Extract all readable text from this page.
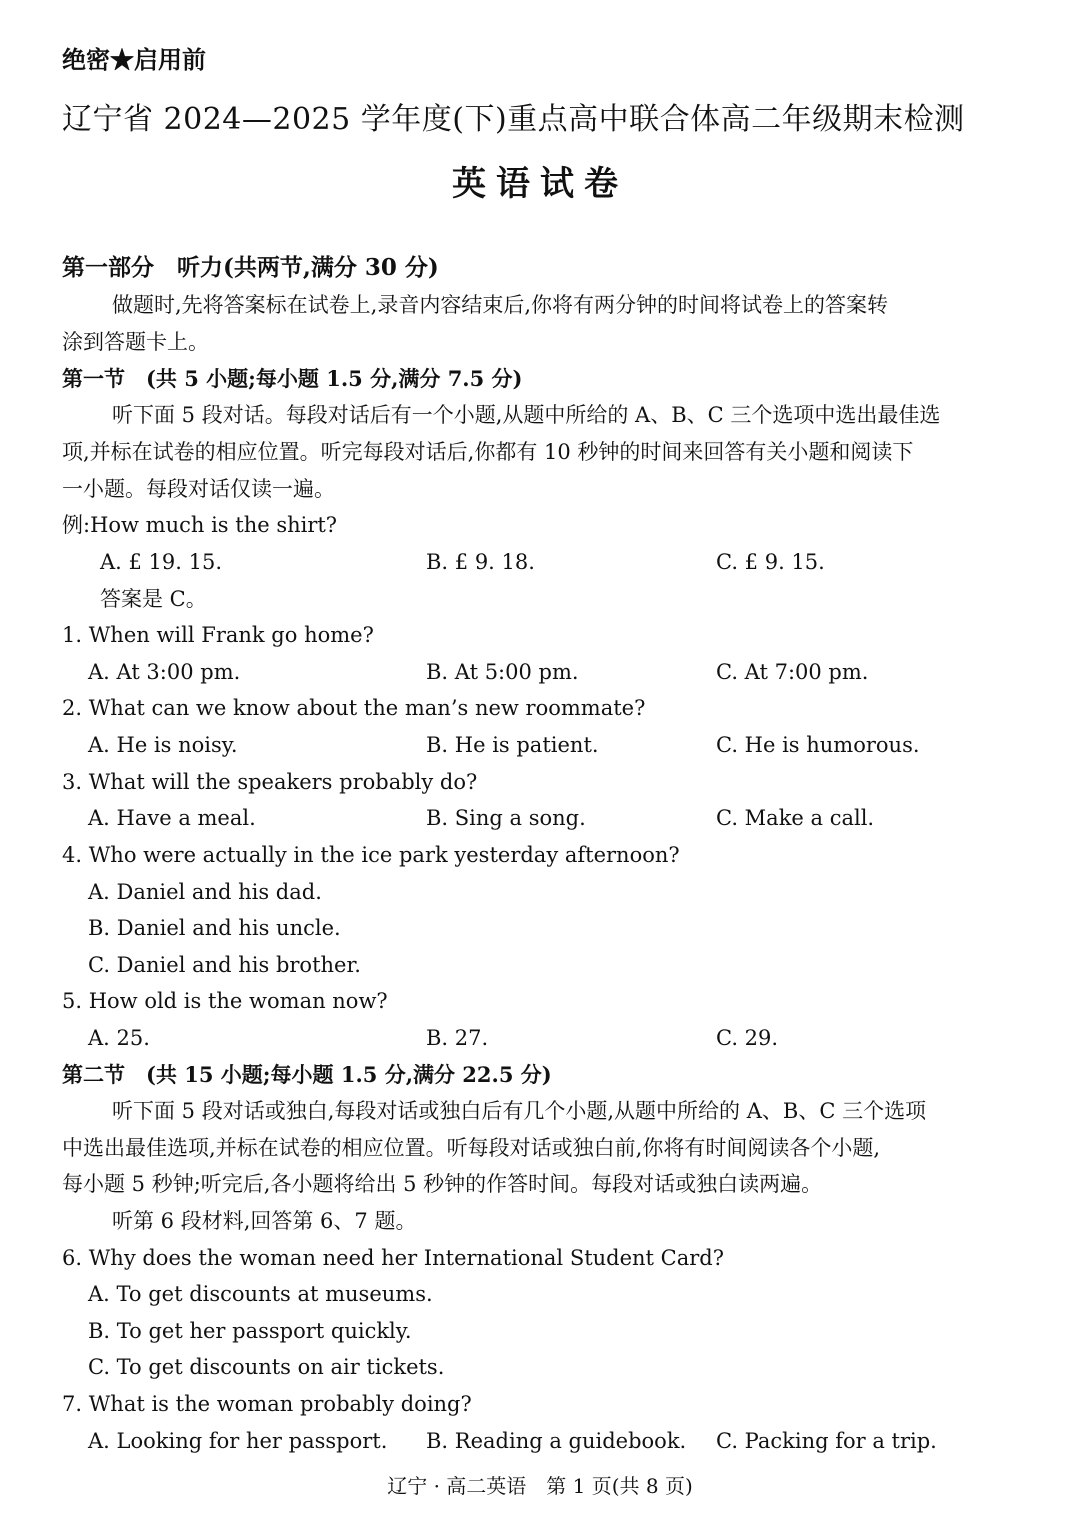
绝密★启用前
辽宁省 2024—2025 学年度(下)重点高中联合体高二年级期末检测
英语试卷
第一部分　听力(共两节,满分 30 分)
做题时,先将答案标在试卷上,录音内容结束后,你将有两分钟的时间将试卷上的答案转
涂到答题卡上。
第一节　(共 5 小题;每小题 1.5 分,满分 7.5 分)
听下面 5 段对话。每段对话后有一个小题,从题中所给的 A、B、C 三个选项中选出最佳选
项,并标在试卷的相应位置。听完每段对话后,你都有 10 秒钟的时间来回答有关小题和阅读下
一小题。每段对话仅读一遍。
例:How much is the shirt?
A. £ 19. 15.	B. £ 9. 18.	C. £ 9. 15.
答案是 C。
1. When will Frank go home?
A. At 3:00 pm.	B. At 5:00 pm.	C. At 7:00 pm.
2. What can we know about the man’s new roommate?
A. He is noisy.	B. He is patient.	C. He is humorous.
3. What will the speakers probably do?
A. Have a meal.	B. Sing a song.	C. Make a call.
4. Who were actually in the ice park yesterday afternoon?
A. Daniel and his dad.
B. Daniel and his uncle.
C. Daniel and his brother.
5. How old is the woman now?
A. 25.	B. 27.	C. 29.
第二节　(共 15 小题;每小题 1.5 分,满分 22.5 分)
听下面 5 段对话或独白,每段对话或独白后有几个小题,从题中所给的 A、B、C 三个选项
中选出最佳选项,并标在试卷的相应位置。听每段对话或独白前,你将有时间阅读各个小题,
每小题 5 秒钟;听完后,各小题将给出 5 秒钟的作答时间。每段对话或独白读两遍。
听第 6 段材料,回答第 6、7 题。
6. Why does the woman need her International Student Card?
A. To get discounts at museums.
B. To get her passport quickly.
C. To get discounts on air tickets.
7. What is the woman probably doing?
A. Looking for her passport. B. Reading a guidebook. C. Packing for a trip.
辽宁 · 高二英语　第 1 页(共 8 页)
